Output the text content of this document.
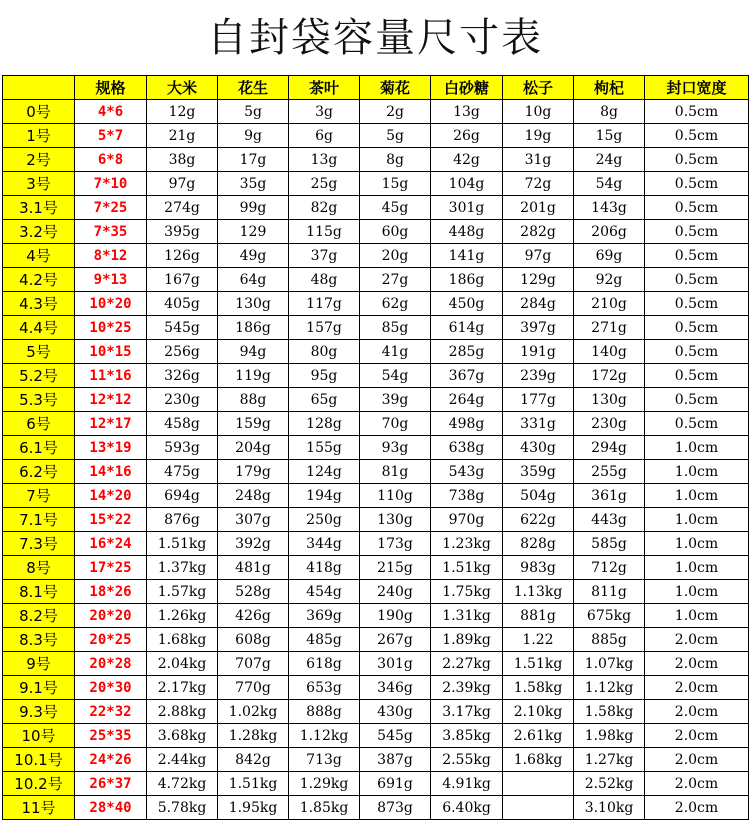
自封袋容量尺寸表
	规格	大米	花生	茶叶	菊花	白砂糖	松子	枸杞	封口宽度
0号	4*6	12g	5g	3g	2g	13g	10g	8g	0.5cm
1号	5*7	21g	9g	6g	5g	26g	19g	15g	0.5cm
2号	6*8	38g	17g	13g	8g	42g	31g	24g	0.5cm
3号	7*10	97g	35g	25g	15g	104g	72g	54g	0.5cm
3.1号	7*25	274g	99g	82g	45g	301g	201g	143g	0.5cm
3.2号	7*35	395g	129	115g	60g	448g	282g	206g	0.5cm
4号	8*12	126g	49g	37g	20g	141g	97g	69g	0.5cm
4.2号	9*13	167g	64g	48g	27g	186g	129g	92g	0.5cm
4.3号	10*20	405g	130g	117g	62g	450g	284g	210g	0.5cm
4.4号	10*25	545g	186g	157g	85g	614g	397g	271g	0.5cm
5号	10*15	256g	94g	80g	41g	285g	191g	140g	0.5cm
5.2号	11*16	326g	119g	95g	54g	367g	239g	172g	0.5cm
5.3号	12*12	230g	88g	65g	39g	264g	177g	130g	0.5cm
6号	12*17	458g	159g	128g	70g	498g	331g	230g	0.5cm
6.1号	13*19	593g	204g	155g	93g	638g	430g	294g	1.0cm
6.2号	14*16	475g	179g	124g	81g	543g	359g	255g	1.0cm
7号	14*20	694g	248g	194g	110g	738g	504g	361g	1.0cm
7.1号	15*22	876g	307g	250g	130g	970g	622g	443g	1.0cm
7.3号	16*24	1.51kg	392g	344g	173g	1.23kg	828g	585g	1.0cm
8号	17*25	1.37kg	481g	418g	215g	1.51kg	983g	712g	1.0cm
8.1号	18*26	1.57kg	528g	454g	240g	1.75kg	1.13kg	811g	1.0cm
8.2号	20*20	1.26kg	426g	369g	190g	1.31kg	881g	675kg	1.0cm
8.3号	20*25	1.68kg	608g	485g	267g	1.89kg	1.22	885g	2.0cm
9号	20*28	2.04kg	707g	618g	301g	2.27kg	1.51kg	1.07kg	2.0cm
9.1号	20*30	2.17kg	770g	653g	346g	2.39kg	1.58kg	1.12kg	2.0cm
9.3号	22*32	2.88kg	1.02kg	888g	430g	3.17kg	2.10kg	1.58kg	2.0cm
10号	25*35	3.68kg	1.28kg	1.12kg	545g	3.85kg	2.61kg	1.98kg	2.0cm
10.1号	24*26	2.44kg	842g	713g	387g	2.55kg	1.68kg	1.27kg	2.0cm
10.2号	26*37	4.72kg	1.51kg	1.29kg	691g	4.91kg		2.52kg	2.0cm
11号	28*40	5.78kg	1.95kg	1.85kg	873g	6.40kg		3.10kg	2.0cm
